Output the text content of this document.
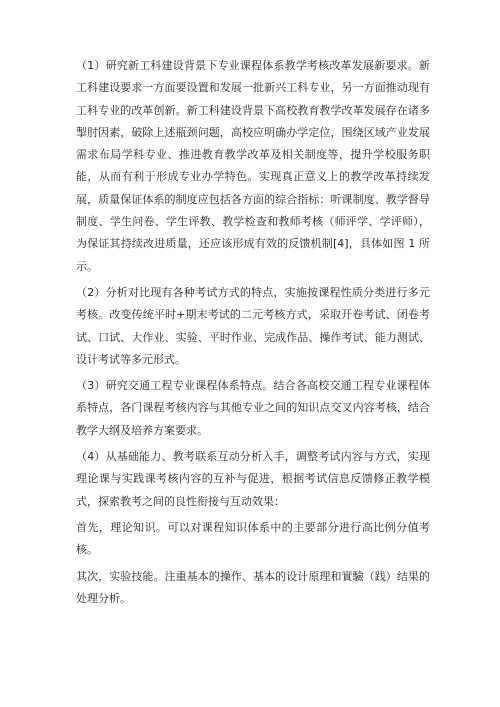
（1）研究新工科建设背景下专业课程体系教学考核改革发展新要求。新工科建设要求一方面要设置和发展一批新兴工科专业，另一方面推动现有工科专业的改革创新。新工科建设背景下高校教育教学改革发展存在诸多掣肘因素，破除上述瓶颈问题，高校应明确办学定位，围绕区域产业发展需求布局学科专业、推进教育教学改革及相关制度等，提升学校服务职能，从而有利于形成专业办学特色。实现真正意义上的教学改革持续发展，质量保证体系的制度应包括各方面的综合指标：听课制度、教学督导制度、学生问卷、学生评教、教学检查和教师考核（师评学、学评师），为保证其持续改进质量，还应该形成有效的反馈机制[4]，具体如图 1 所示。

（2）分析对比现有各种考试方式的特点，实施按课程性质分类进行多元考核。改变传统平时+期末考试的二元考核方式，采取开卷考试、闭卷考试、口试、大作业、实验、平时作业、完成作品、操作考试、能力测试、设计考试等多元形式。

（3）研究交通工程专业课程体系特点。结合各高校交通工程专业课程体系特点，各门课程考核内容与其他专业之间的知识点交叉内容考核，结合教学大纲及培养方案要求。

（4）从基础能力、教考联系互动分析入手，调整考试内容与方式，实现理论课与实践课考核内容的互补与促进，根据考试信息反馈修正教学模式，探索教考之间的良性衔接与互动效果：

首先，理论知识。可以对课程知识体系中的主要部分进行高比例分值考核。

其次，实验技能。注重基本的操作、基本的设计原理和實驗（践）结果的处理分析。
